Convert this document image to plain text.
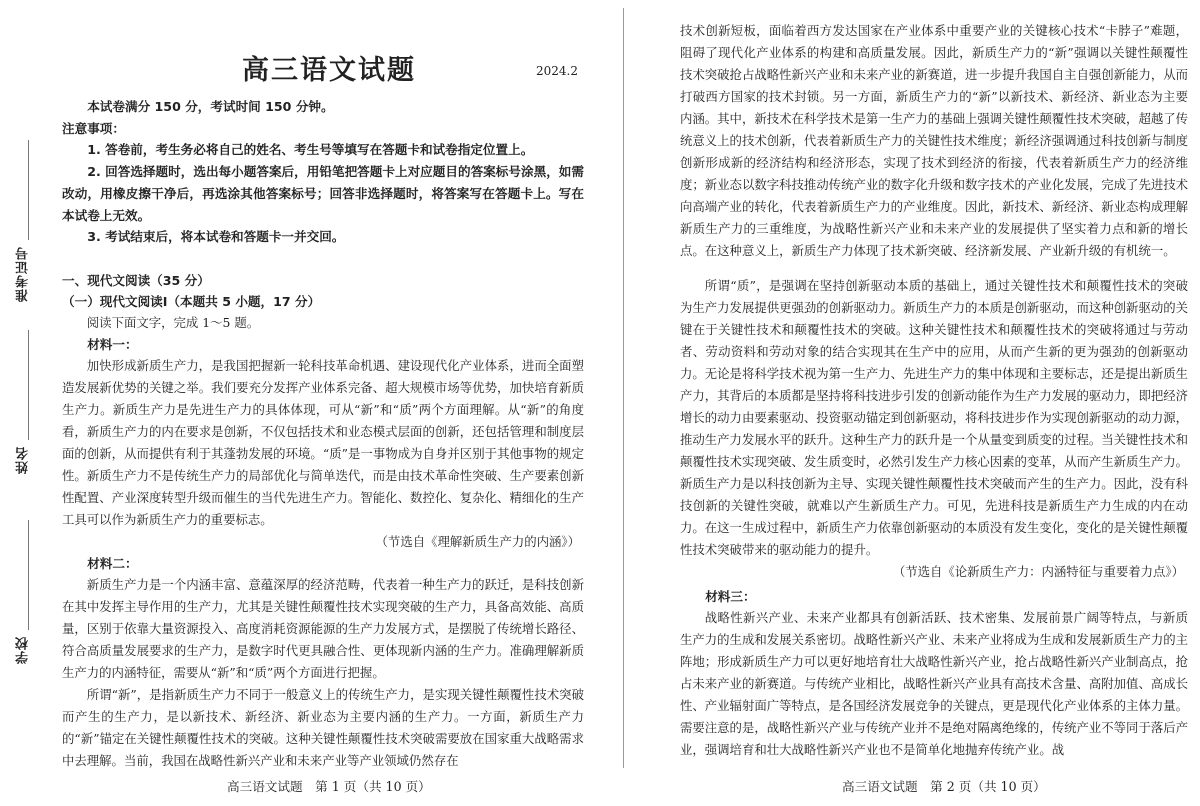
准考证号
姓名
学校
高三语文试题	2024.2

本试卷满分 150 分，考试时间 150 分钟。

注意事项：

1. 答卷前，考生务必将自己的姓名、考生号等填写在答题卡和试卷指定位置上。

2. 回答选择题时，选出每小题答案后，用铅笔把答题卡上对应题目的答案标号涂黑，如需改动，用橡皮擦干净后，再选涂其他答案标号；回答非选择题时，将答案写在答题卡上。写在本试卷上无效。

3. 考试结束后，将本试卷和答题卡一并交回。

一、现代文阅读（35 分）

（一）现代文阅读Ⅰ（本题共 5 小题，17 分）

阅读下面文字，完成 1～5 题。

材料一：

加快形成新质生产力，是我国把握新一轮科技革命机遇、建设现代化产业体系，进而全面塑造发展新优势的关键之举。我们要充分发挥产业体系完备、超大规模市场等优势，加快培育新质生产力。新质生产力是先进生产力的具体体现，可从“新”和“质”两个方面理解。从“新”的角度看，新质生产力的内在要求是创新，不仅包括技术和业态模式层面的创新，还包括管理和制度层面的创新，从而提供有利于其蓬勃发展的环境。“质”是一事物成为自身并区别于其他事物的规定性。新质生产力不是传统生产力的局部优化与简单迭代，而是由技术革命性突破、生产要素创新性配置、产业深度转型升级而催生的当代先进生产力。智能化、数控化、复杂化、精细化的生产工具可以作为新质生产力的重要标志。

（节选自《理解新质生产力的内涵》）

材料二：

新质生产力是一个内涵丰富、意蕴深厚的经济范畴，代表着一种生产力的跃迁，是科技创新在其中发挥主导作用的生产力，尤其是关键性颠覆性技术实现突破的生产力，具备高效能、高质量，区别于依靠大量资源投入、高度消耗资源能源的生产力发展方式，是摆脱了传统增长路径、符合高质量发展要求的生产力，是数字时代更具融合性、更体现新内涵的生产力。准确理解新质生产力的内涵特征，需要从“新”和“质”两个方面进行把握。

所谓“新”，是指新质生产力不同于一般意义上的传统生产力，是实现关键性颠覆性技术突破而产生的生产力，是以新技术、新经济、新业态为主要内涵的生产力。一方面，新质生产力的“新”锚定在关键性颠覆性技术的突破。这种关键性颠覆性技术突破需要放在国家重大战略需求中去理解。当前，我国在战略性新兴产业和未来产业等产业领域仍然存在

高三语文试题　第 1 页（共 10 页）

技术创新短板，面临着西方发达国家在产业体系中重要产业的关键核心技术“卡脖子”难题，阻碍了现代化产业体系的构建和高质量发展。因此，新质生产力的“新”强调以关键性颠覆性技术突破抢占战略性新兴产业和未来产业的新赛道，进一步提升我国自主自强创新能力，从而打破西方国家的技术封锁。另一方面，新质生产力的“新”以新技术、新经济、新业态为主要内涵。其中，新技术在科学技术是第一生产力的基础上强调关键性颠覆性技术突破，超越了传统意义上的技术创新，代表着新质生产力的关键性技术维度；新经济强调通过科技创新与制度创新形成新的经济结构和经济形态，实现了技术到经济的衔接，代表着新质生产力的经济维度；新业态以数字科技推动传统产业的数字化升级和数字技术的产业化发展，完成了先进技术向高端产业的转化，代表着新质生产力的产业维度。因此，新技术、新经济、新业态构成理解新质生产力的三重维度，为战略性新兴产业和未来产业的发展提供了坚实着力点和新的增长点。在这种意义上，新质生产力体现了技术新突破、经济新发展、产业新升级的有机统一。

所谓“质”，是强调在坚持创新驱动本质的基础上，通过关键性技术和颠覆性技术的突破为生产力发展提供更强劲的创新驱动力。新质生产力的本质是创新驱动，而这种创新驱动的关键在于关键性技术和颠覆性技术的突破。这种关键性技术和颠覆性技术的突破将通过与劳动者、劳动资料和劳动对象的结合实现其在生产中的应用，从而产生新的更为强劲的创新驱动力。无论是将科学技术视为第一生产力、先进生产力的集中体现和主要标志，还是提出新质生产力，其背后的本质都是坚持将科技进步引发的创新动能作为生产力发展的驱动力，即把经济增长的动力由要素驱动、投资驱动锚定到创新驱动，将科技进步作为实现创新驱动的动力源，推动生产力发展水平的跃升。这种生产力的跃升是一个从量变到质变的过程。当关键性技术和颠覆性技术实现突破、发生质变时，必然引发生产力核心因素的变革，从而产生新质生产力。新质生产力是以科技创新为主导、实现关键性颠覆性技术突破而产生的生产力。因此，没有科技创新的关键性突破，就难以产生新质生产力。可见，先进科技是新质生产力生成的内在动力。在这一生成过程中，新质生产力依靠创新驱动的本质没有发生变化，变化的是关键性颠覆性技术突破带来的驱动能力的提升。

（节选自《论新质生产力：内涵特征与重要着力点》）

材料三：

战略性新兴产业、未来产业都具有创新活跃、技术密集、发展前景广阔等特点，与新质生产力的生成和发展关系密切。战略性新兴产业、未来产业将成为生成和发展新质生产力的主阵地；形成新质生产力可以更好地培育壮大战略性新兴产业，抢占战略性新兴产业制高点，抢占未来产业的新赛道。与传统产业相比，战略性新兴产业具有高技术含量、高附加值、高成长性、产业辐射面广等特点，是各国经济发展竞争的关键点，更是现代化产业体系的主体力量。需要注意的是，战略性新兴产业与传统产业并不是绝对隔离绝缘的，传统产业不等同于落后产业，强调培育和壮大战略性新兴产业也不是简单化地抛弃传统产业。战

高三语文试题　第 2 页（共 10 页）
